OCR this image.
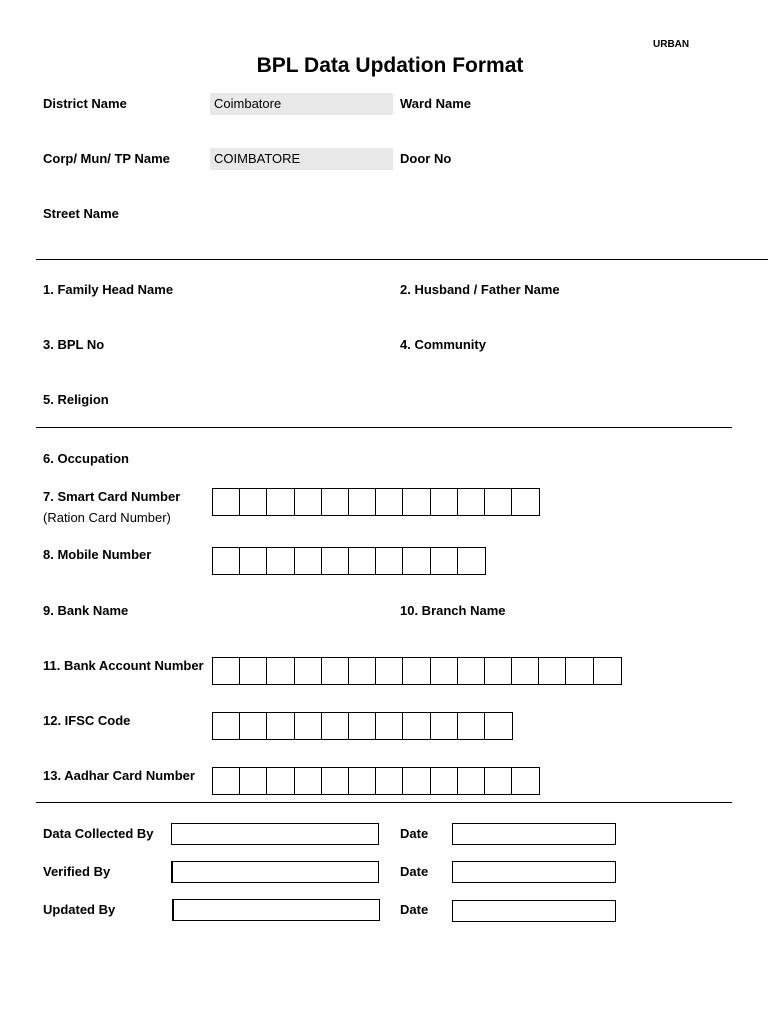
URBAN
BPL Data Updation Format
District Name	Coimbatore	Ward Name
Corp/ Mun/ TP Name	COIMBATORE	Door No
Street Name
1. Family Head Name	2. Husband / Father Name
3. BPL No	4. Community
5. Religion
6. Occupation
7. Smart Card Number
(Ration Card Number)
8. Mobile Number
9. Bank Name	10. Branch Name
11. Bank Account Number
12. IFSC Code
13. Aadhar Card Number
Data Collected By	Date
Verified By	Date
Updated By	Date
